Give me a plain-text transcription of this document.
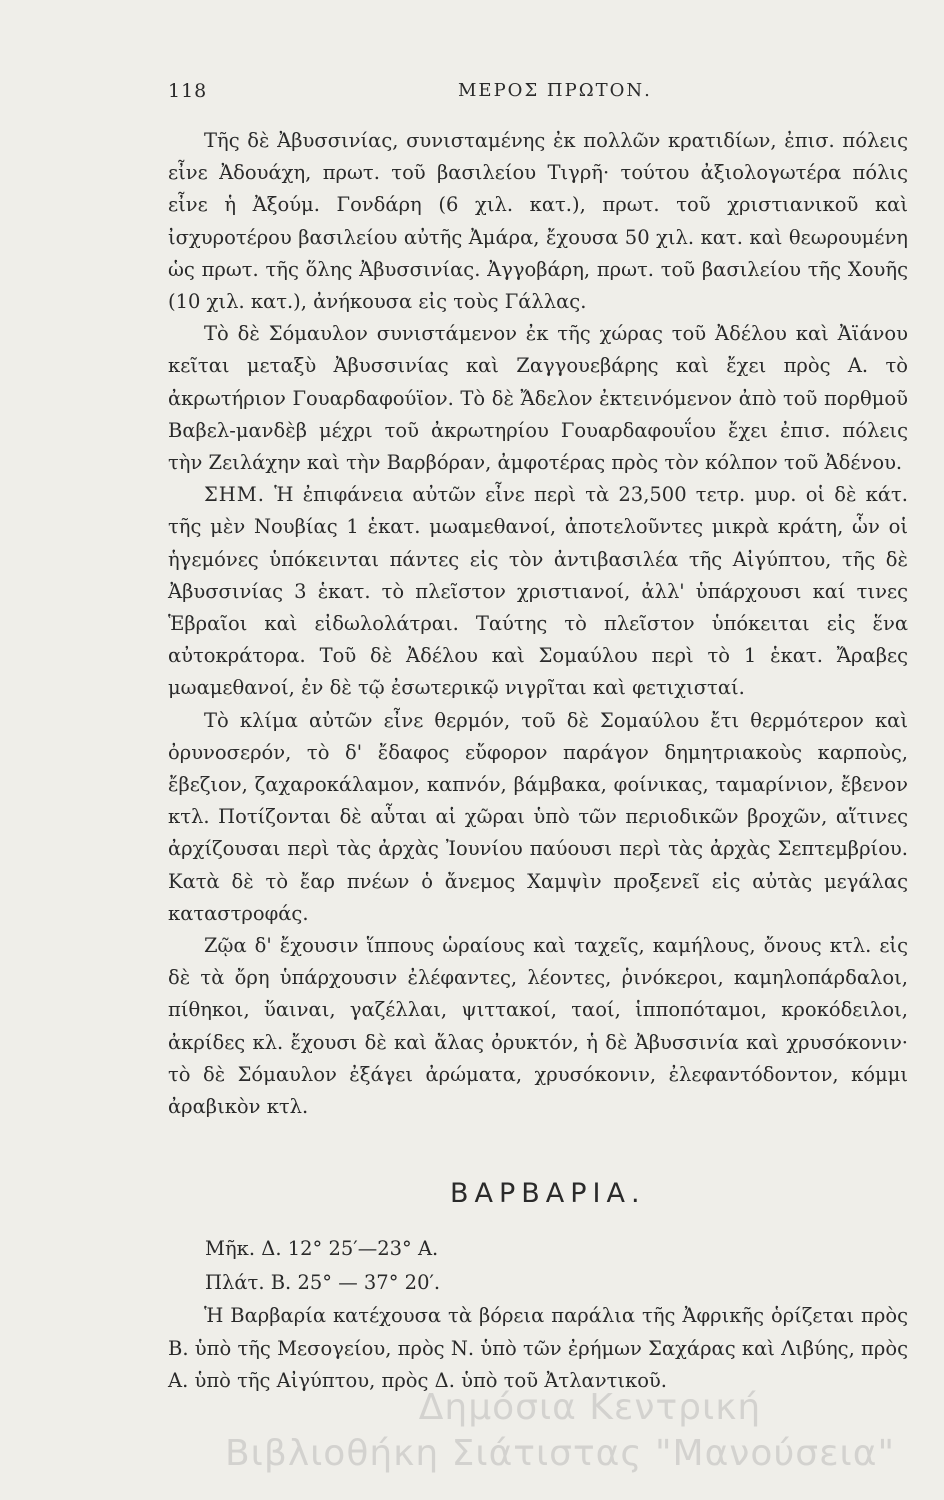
118	ΜΕΡΟΣ ΠΡΩΤΟΝ.

Τῆς δὲ Ἀβυσσινίας, συνισταμένης ἐκ πολλῶν κρατιδίων, ἐπισ. πόλεις εἶνε Ἀδουάχη, πρωτ. τοῦ βασιλείου Τιγρῆ· τούτου ἀξιολογωτέρα πόλις εἶνε ἡ Ἀξούμ. Γονδάρη (6 χιλ. κατ.), πρωτ. τοῦ χριστιανικοῦ καὶ ἰσχυροτέρου βασιλείου αὐτῆς Ἀμάρα, ἔχουσα 50 χιλ. κατ. καὶ θεωρουμένη ὡς πρωτ. τῆς ὅλης Ἀβυσσινίας. Ἀγγοβάρη, πρωτ. τοῦ βασιλείου τῆς Χουῆς (10 χιλ. κατ.), ἀνήκουσα εἰς τοὺς Γάλλας.

Τὸ δὲ Σόμαυλον συνιστάμενον ἐκ τῆς χώρας τοῦ Ἀδέλου καὶ Ἀϊάνου κεῖται μεταξὺ Ἀβυσσινίας καὶ Ζαγγουεβάρης καὶ ἔχει πρὸς Α. τὸ ἀκρωτήριον Γουαρδαφούϊον. Τὸ δὲ Ἄδελον ἐκτεινόμενον ἀπὸ τοῦ πορθμοῦ Βαβελ-μανδὲβ μέχρι τοῦ ἀκρωτηρίου Γουαρδαφουΐου ἔχει ἐπισ. πόλεις τὴν Ζειλάχην καὶ τὴν Βαρβόραν, ἀμφοτέρας πρὸς τὸν κόλπον τοῦ Ἀδένου.

ΣΗΜ. Ἡ ἐπιφάνεια αὐτῶν εἶνε περὶ τὰ 23,500 τετρ. μυρ. οἱ δὲ κάτ. τῆς μὲν Νουβίας 1 ἑκατ. μωαμεθανοί, ἀποτελοῦντες μικρὰ κράτη, ὧν οἱ ἡγεμόνες ὑπόκεινται πάντες εἰς τὸν ἀντιβασιλέα τῆς Αἰγύπτου, τῆς δὲ Ἀβυσσινίας 3 ἑκατ. τὸ πλεῖστον χριστιανοί, ἀλλ' ὑπάρχουσι καί τινες Ἑβραῖοι καὶ εἰδωλολάτραι. Ταύτης τὸ πλεῖστον ὑπόκειται εἰς ἕνα αὐτοκράτορα. Τοῦ δὲ Ἀδέλου καὶ Σομαύλου περὶ τὸ 1 ἑκατ. Ἄραβες μωαμεθανοί, ἐν δὲ τῷ ἐσωτερικῷ νιγρῖται καὶ φετιχισταί.

Τὸ κλίμα αὐτῶν εἶνε θερμόν, τοῦ δὲ Σομαύλου ἔτι θερμότερον καὶ ὀρυνοσερόν, τὸ δ' ἔδαφος εὔφορον παράγον δημητριακοὺς καρποὺς, ἔβεζιον, ζαχαροκάλαμον, καπνόν, βάμβακα, φοίνικας, ταμαρίνιον, ἔβενον κτλ. Ποτίζονται δὲ αὗται αἱ χῶραι ὑπὸ τῶν περιοδικῶν βροχῶν, αἵτινες ἀρχίζουσαι περὶ τὰς ἀρχὰς Ἰουνίου παύουσι περὶ τὰς ἀρχὰς Σεπτεμβρίου. Κατὰ δὲ τὸ ἔαρ πνέων ὁ ἄνεμος Χαμψὶν προξενεῖ εἰς αὐτὰς μεγάλας καταστροφάς.

Ζῷα δ' ἔχουσιν ἵππους ὡραίους καὶ ταχεῖς, καμήλους, ὄνους κτλ. εἰς δὲ τὰ ὄρη ὑπάρχουσιν ἐλέφαντες, λέοντες, ῥινόκεροι, καμηλοπάρδαλοι, πίθηκοι, ὕαιναι, γαζέλλαι, ψιττακοί, ταοί, ἱπποπόταμοι, κροκόδειλοι, ἀκρίδες κλ. ἔχουσι δὲ καὶ ἄλας ὀρυκτόν, ἡ δὲ Ἀβυσσινία καὶ χρυσόκονιν· τὸ δὲ Σόμαυλον ἐξάγει ἀρώματα, χρυσόκονιν, ἐλεφαντόδοντον, κόμμι ἀραβικὸν κτλ.

ΒΑΡΒΑΡΙΑ.
Μῆκ. Δ. 12° 25′—23° Α.
Πλάτ. Β. 25° — 37° 20′.

Ἡ Βαρβαρία κατέχουσα τὰ βόρεια παράλια τῆς Ἀφρικῆς ὁρίζεται πρὸς Β. ὑπὸ τῆς Μεσογείου, πρὸς Ν. ὑπὸ τῶν ἐρήμων Σαχάρας καὶ Λιβύης, πρὸς Α. ὑπὸ τῆς Αἰγύπτου, πρὸς Δ. ὑπὸ τοῦ Ἀτλαντικοῦ.

Δημόσια Κεντρική
Βιβλιοθήκη Σιάτιστας "Μανούσεια"
